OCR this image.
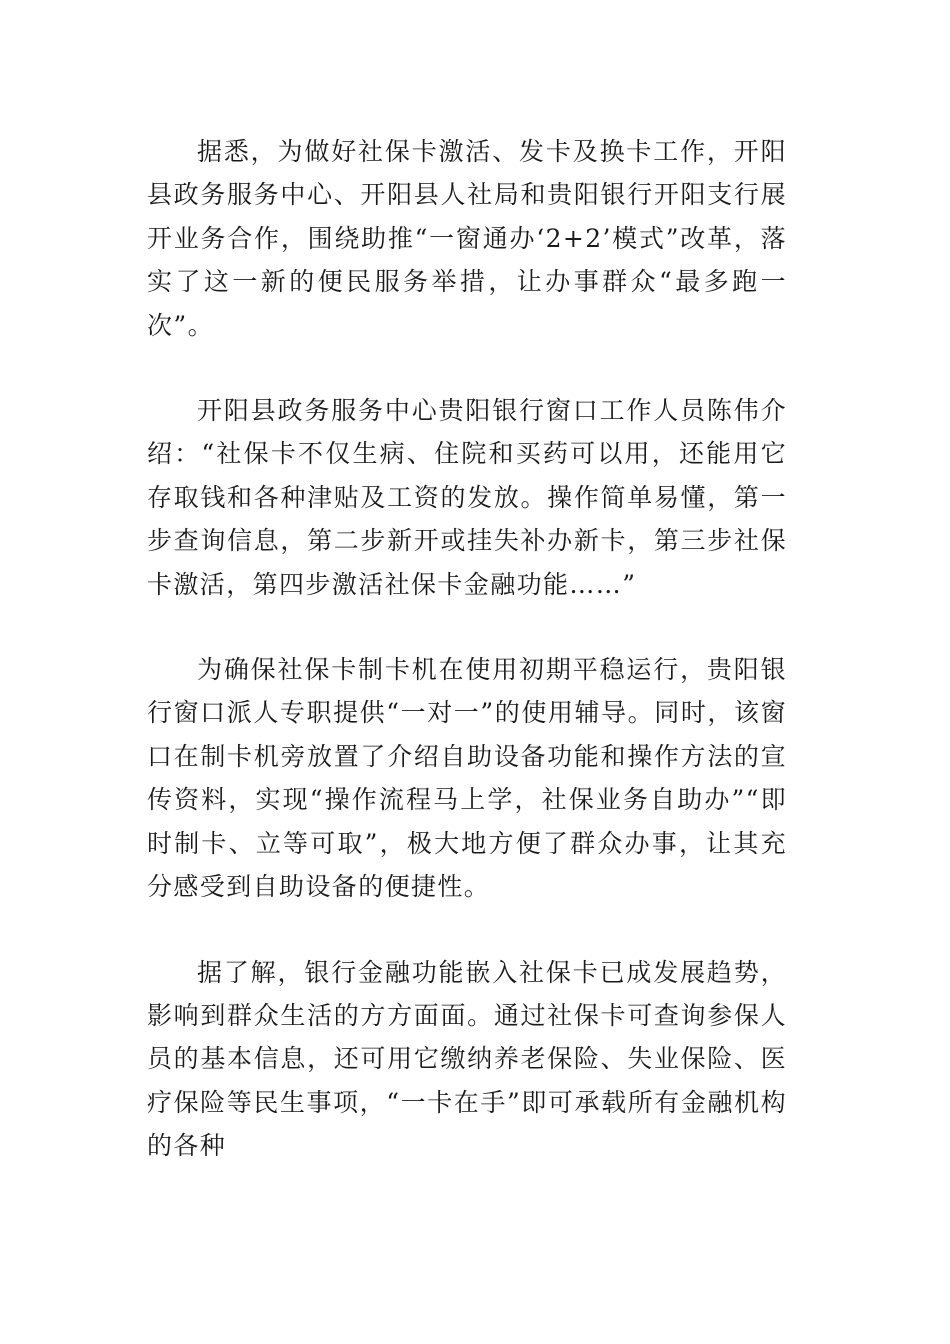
据悉，为做好社保卡激活、发卡及换卡工作，开阳县政务服务中心、开阳县人社局和贵阳银行开阳支行展开业务合作，围绕助推“一窗通办‘2+2’模式”改革，落实了这一新的便民服务举措，让办事群众“最多跑一次”。

开阳县政务服务中心贵阳银行窗口工作人员陈伟介绍：“社保卡不仅生病、住院和买药可以用，还能用它存取钱和各种津贴及工资的发放。操作简单易懂，第一步查询信息，第二步新开或挂失补办新卡，第三步社保卡激活，第四步激活社保卡金融功能……”

为确保社保卡制卡机在使用初期平稳运行，贵阳银行窗口派人专职提供“一对一”的使用辅导。同时，该窗口在制卡机旁放置了介绍自助设备功能和操作方法的宣传资料，实现“操作流程马上学，社保业务自助办”“即时制卡、立等可取”，极大地方便了群众办事，让其充分感受到自助设备的便捷性。

据了解，银行金融功能嵌入社保卡已成发展趋势，影响到群众生活的方方面面。通过社保卡可查询参保人员的基本信息，还可用它缴纳养老保险、失业保险、医疗保险等民生事项，“一卡在手”即可承载所有金融机构的各种
